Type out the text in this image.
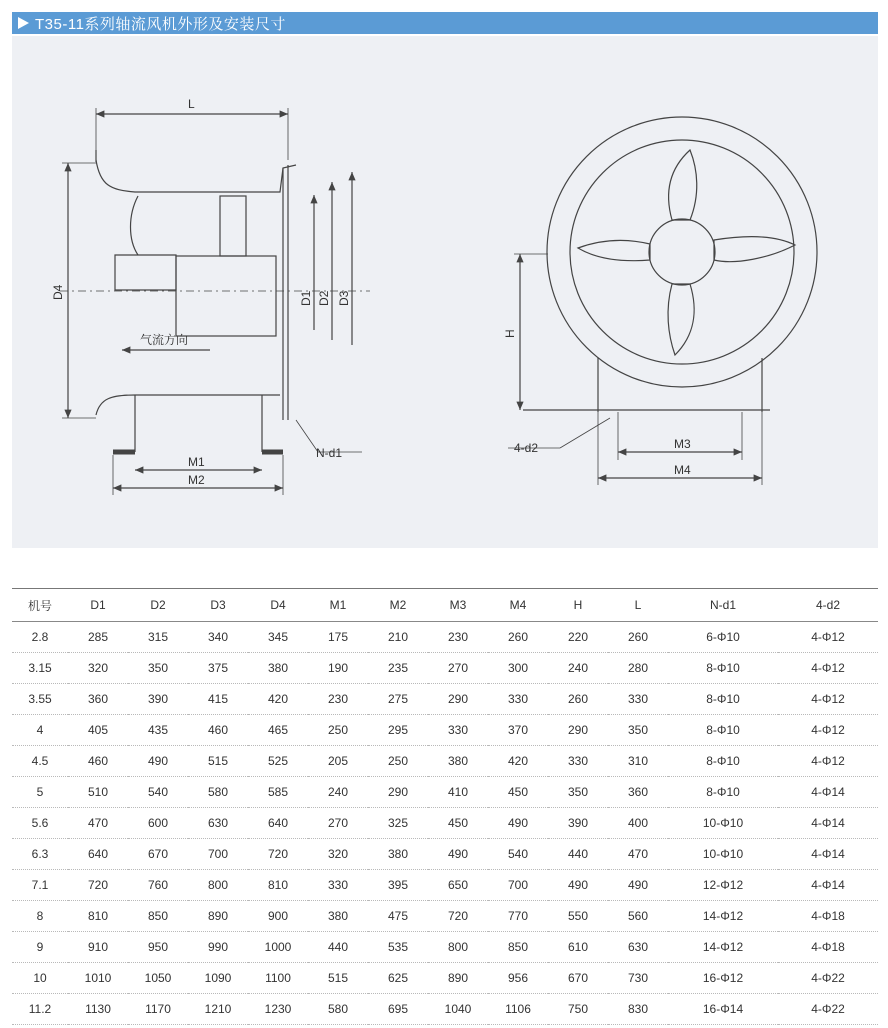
T35-11系列轴流风机外形及安装尺寸
L
D4	D1 D2 D3
气流方向
N-d1
M1
M2
H
4-d2	M3
M4
机号	D1	D2	D3	D4	M1	M2	M3	M4	H	L	N-d1	4-d2
2.8	285	315	340	345	175	210	230	260	220	260	6-Φ10	4-Φ12
3.15	320	350	375	380	190	235	270	300	240	280	8-Φ10	4-Φ12
3.55	360	390	415	420	230	275	290	330	260	330	8-Φ10	4-Φ12
4	405	435	460	465	250	295	330	370	290	350	8-Φ10	4-Φ12
4.5	460	490	515	525	205	250	380	420	330	310	8-Φ10	4-Φ12
5	510	540	580	585	240	290	410	450	350	360	8-Φ10	4-Φ14
5.6	470	600	630	640	270	325	450	490	390	400	10-Φ10	4-Φ14
6.3	640	670	700	720	320	380	490	540	440	470	10-Φ10	4-Φ14
7.1	720	760	800	810	330	395	650	700	490	490	12-Φ12	4-Φ14
8	810	850	890	900	380	475	720	770	550	560	14-Φ12	4-Φ18
9	910	950	990	1000	440	535	800	850	610	630	14-Φ12	4-Φ18
10	1010	1050	1090	1100	515	625	890	956	670	730	16-Φ12	4-Φ22
11.2	1130	1170	1210	1230	580	695	1040	1106	750	830	16-Φ14	4-Φ22
